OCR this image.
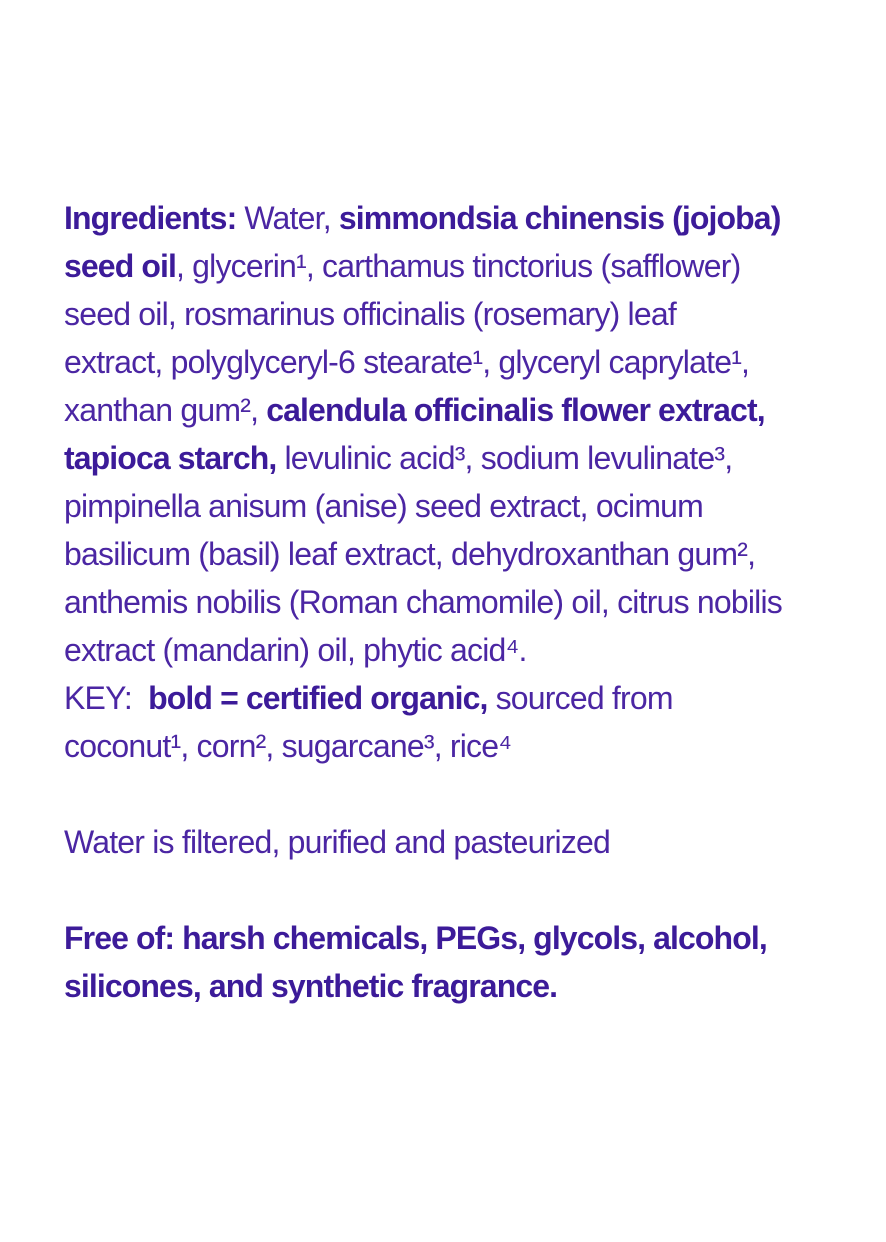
Ingredients: Water, simmondsia chinensis (jojoba)
seed oil, glycerin¹, carthamus tinctorius (safflower)
seed oil, rosmarinus officinalis (rosemary) leaf
extract, polyglyceryl-6 stearate¹, glyceryl caprylate¹,
xanthan gum², calendula officinalis flower extract,
tapioca starch, levulinic acid³, sodium levulinate³,
pimpinella anisum (anise) seed extract, ocimum
basilicum (basil) leaf extract, dehydroxanthan gum²,
anthemis nobilis (Roman chamomile) oil, citrus nobilis
extract (mandarin) oil, phytic acid⁴.
KEY:  bold = certified organic, sourced from
coconut¹, corn², sugarcane³, rice⁴
Water is filtered, purified and pasteurized
Free of: harsh chemicals, PEGs, glycols, alcohol,
silicones, and synthetic fragrance.
